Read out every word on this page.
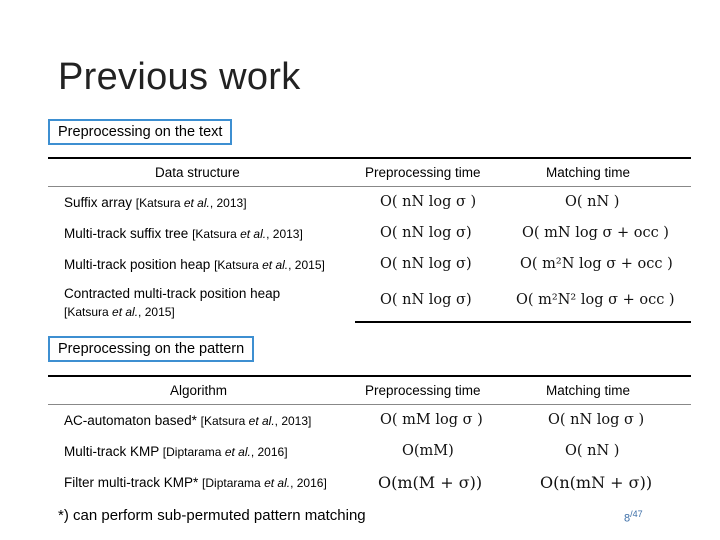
Previous work
Preprocessing on the text
Data structure	Preprocessing time	Matching time
Suffix array [Katsura et al., 2013]	O( nN log σ )	O( nN )
Multi-track suffix tree [Katsura et al., 2013]	O( nN log σ)	O( mN log σ + occ )
Multi-track position heap [Katsura et al., 2015]	O( nN log σ)	O( m²N log σ + occ )
Contracted multi-track position heap
[Katsura et al., 2015]
O( nN log σ)	O( m²N² log σ + occ )
Preprocessing on the pattern
Algorithm	Preprocessing time	Matching time
AC-automaton based* [Katsura et al., 2013]	O( mM log σ )	O( nN log σ )
Multi-track KMP [Diptarama et al., 2016]	O(mM)	O( nN )
Filter multi-track KMP* [Diptarama et al., 2016]	O(m(M + σ))	O(n(mN + σ))
*) can perform sub-permuted pattern matching	$8^{/47}$
